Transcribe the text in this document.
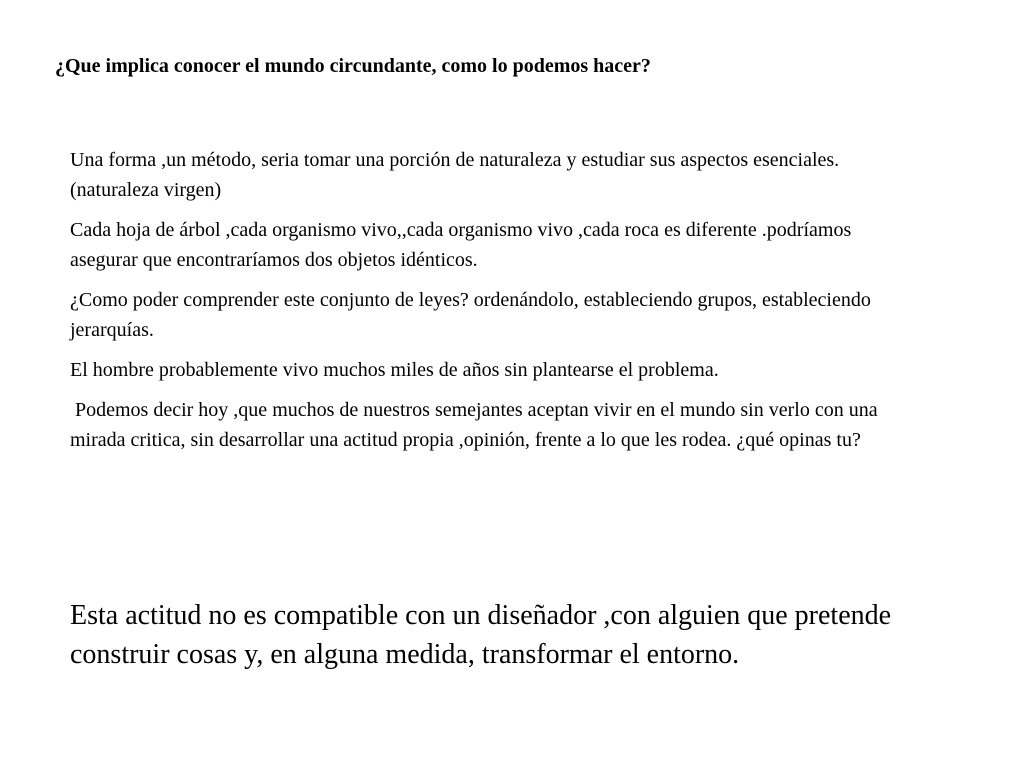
¿Que implica conocer el mundo circundante, como lo podemos hacer?

Una forma ,un método, seria tomar una porción de naturaleza y estudiar sus aspectos esenciales.(naturaleza virgen)

Cada hoja de árbol ,cada organismo vivo,,cada organismo vivo ,cada roca es diferente .podríamos asegurar que encontraríamos dos objetos idénticos.

¿Como poder comprender este conjunto de leyes? ordenándolo, estableciendo grupos, estableciendo jerarquías.

El hombre probablemente vivo muchos miles de años sin plantearse el problema.

Podemos decir hoy ,que muchos de nuestros semejantes aceptan vivir en el mundo sin verlo con una mirada critica, sin desarrollar una actitud propia ,opinión, frente a lo que les rodea. ¿qué opinas tu?

Esta actitud no es compatible con un diseñador ,con alguien que pretende construir cosas y, en alguna medida, transformar el entorno.
